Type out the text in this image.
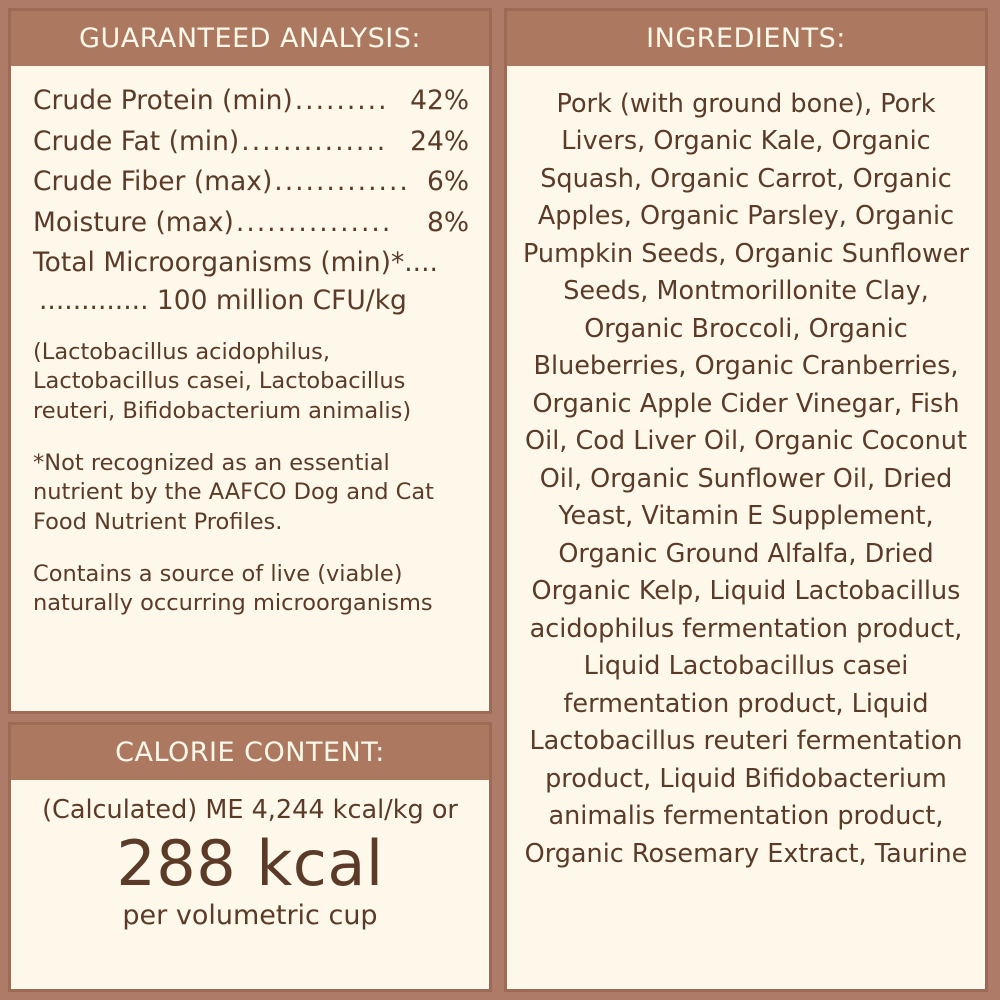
GUARANTEED ANALYSIS:
Crude Protein (min) ......... 42%
Crude Fat (min) .............. 24%
Crude Fiber (max) ............. 6%
Moisture (max) ...............	8%
Total Microorganisms (min)*....
............. 100 million CFU/kg
(Lactobacillus acidophilus, Lactobacillus casei, Lactobacillus reuteri, Bifidobacterium animalis)
*Not recognized as an essential nutrient by the AAFCO Dog and Cat Food Nutrient Profiles.
Contains a source of live (viable) naturally occurring microorganisms
CALORIE CONTENT:
(Calculated) ME 4,244 kcal/kg or
288 kcal
per volumetric cup
INGREDIENTS:
Pork (with ground bone), Pork Livers, Organic Kale, Organic Squash, Organic Carrot, Organic Apples, Organic Parsley, Organic Pumpkin Seeds, Organic Sunflower Seeds, Montmorillonite Clay, Organic Broccoli, Organic Blueberries, Organic Cranberries, Organic Apple Cider Vinegar, Fish Oil, Cod Liver Oil, Organic Coconut Oil, Organic Sunflower Oil, Dried Yeast, Vitamin E Supplement, Organic Ground Alfalfa, Dried Organic Kelp, Liquid Lactobacillus acidophilus fermentation product, Liquid Lactobacillus casei fermentation product, Liquid Lactobacillus reuteri fermentation product, Liquid Bifidobacterium animalis fermentation product, Organic Rosemary Extract, Taurine
